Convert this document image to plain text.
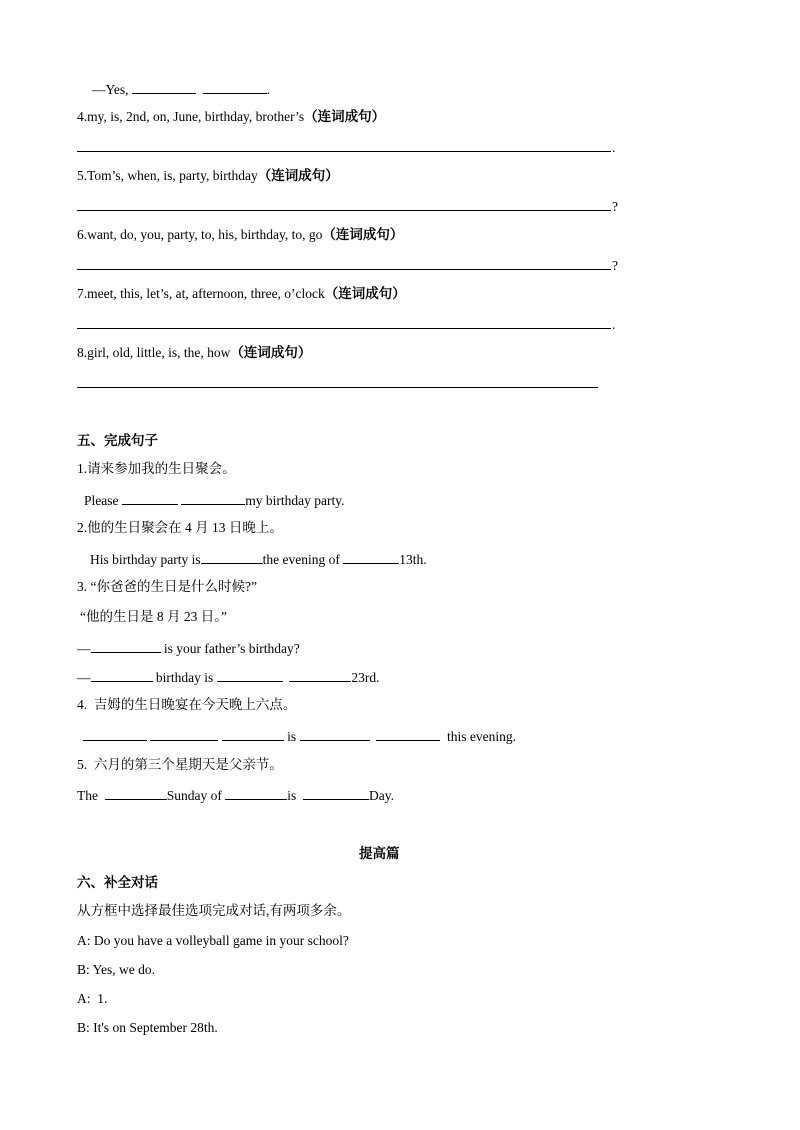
—Yes,	.
4.my, is, 2nd, on, June, birthday, brother’s（连词成句）
.
5.Tom’s, when, is, party, birthday（连词成句）
?
6.want, do, you, party, to, his, birthday, to, go（连词成句）
?
7.meet, this, let’s, at, afternoon, three, o’clock（连词成句）
.
8.girl, old, little, is, the, how（连词成句）
五、完成句子
1.请来参加我的生日聚会。
Please	my birthday party.
2.他的生日聚会在 4 月 13 日晚上。
His birthday party is	the evening of	13th.
3. “你爸爸的生日是什么时候?”
“他的生日是 8 月 23 日。”
—	is your father’s birthday?
—	birthday is	23rd.
4.  吉姆的生日晚宴在今天晚上六点。
is	this evening.
5.  六月的第三个星期天是父亲节。
The	Sunday of	is	Day.
提高篇
六、补全对话
从方框中选择最佳选项完成对话,有两项多余。
A: Do you have a volleyball game in your school?
B: Yes, we do.
A:  1.
B: It's on September 28th.
